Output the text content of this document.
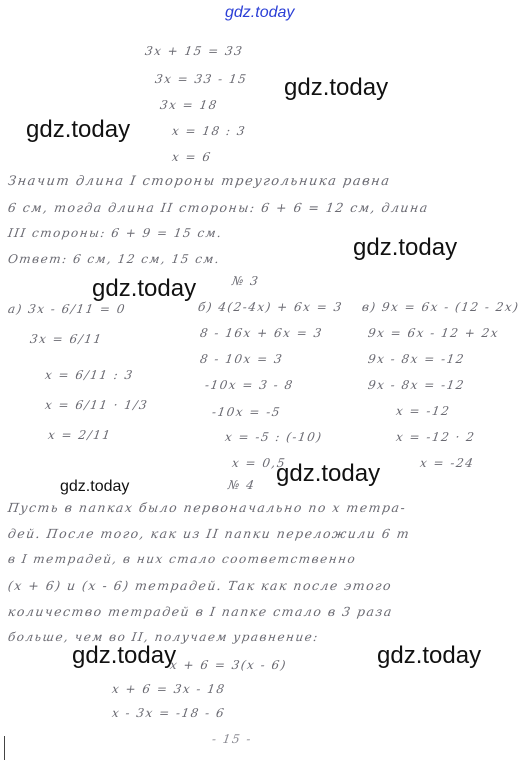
gdz.today
3x + 15 = 33
3x = 33 - 15
3x = 18
x = 18 : 3
x = 6
Значит длина I стороны треугольника равна
6 см, тогда длина II стороны: 6 + 6 = 12 см, длина
III стороны: 6 + 9 = 15 см.
Ответ: 6 см, 12 см, 15 см.
№ 3
а) 3x - 6/11 = 0
3x = 6/11
x = 6/11 : 3
x = 6/11 · 1/3
x = 2/11
б) 4(2-4x) + 6x = 3
8 - 16x + 6x = 3
8 - 10x = 3
-10x = 3 - 8
-10x = -5
x = -5 : (-10)
x = 0,5
№ 4
в) 9x = 6x - (12 - 2x)
9x = 6x - 12 + 2x
9x - 8x = -12
9x - 8x = -12
x = -12
x = -12 · 2
x = -24
Пусть в папках было первоначально по x тетра-
дей. После того, как из II папки переложили 6 т
в I тетрадей, в них стало соответственно
(x + 6) и (x - 6) тетрадей. Так как после этого
количество тетрадей в I папке стало в 3 раза
больше, чем во II, получаем уравнение:
x + 6 = 3(x - 6)
x + 6 = 3x - 18
x - 3x = -18 - 6
- 15 -
gdz.today
gdz.today
gdz.today
gdz.today
gdz.today
gdz.today
gdz.today	gdz.today
